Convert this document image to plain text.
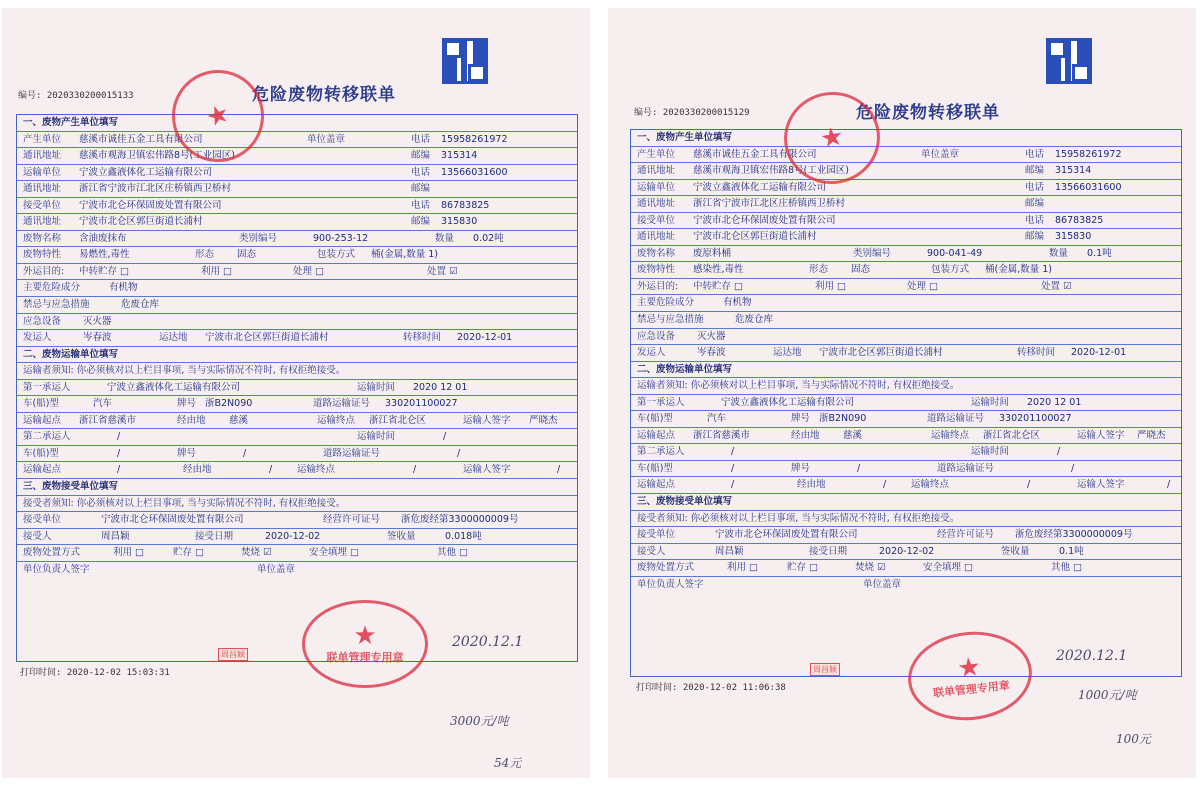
编号: 2020330200015133	危险废物转移联单
一、废物产生单位填写
产生单位 慈溪市诚佳五金工具有限公司	单位盖章	电话 15958261972
通讯地址 慈溪市观海卫镇宏伟路8号(工业园区)	邮编 315314
运输单位 宁波立鑫液体化工运输有限公司	电话 13566031600
通讯地址 浙江省宁波市江北区庄桥镇西卫桥村	邮编
接受单位 宁波市北仑环保固废处置有限公司	电话 86783825
通讯地址 宁波市北仑区郭巨街道长浦村	邮编 315830
废物名称 含油废抹布	类别编号	900-253-12	数量 0.02吨
废物特性 易燃性,毒性	形态 固态	包装方式 桶(金属,数量 1)
外运目的: 中转贮存 □	利用 □	处理 □	处置 ☑
主要危险成分	有机物
禁忌与应急措施	危废仓库
应急设备 灭火器
发运人	岑春波	运达地 宁波市北仑区郭巨街道长浦村	转移时间 2020-12-01
二、废物运输单位填写
运输者须知: 你必须核对以上栏目事项, 当与实际情况不符时, 有权拒绝接受。
第一承运人	宁波立鑫液体化工运输有限公司	运输时间 2020 12 01
车(船)型	汽车	牌号 浙B2N090	道路运输证号 330201100027
运输起点 浙江省慈溪市	经由地 慈溪	运输终点 浙江省北仑区	运输人签字 严晓杰
第二承运人	/	运输时间	/
车(船)型	/	牌号	/	道路运输证号	/
运输起点	/	经由地	/	运输终点	/	运输人签字	/
三、废物接受单位填写
接受者须知: 你必须核对以上栏目事项, 当与实际情况不符时, 有权拒绝接受。
接受单位	宁波市北仑环保固废处置有限公司	经营许可证号 浙危废经第3300000009号
接受人	周昌颖	接受日期	2020-12-02	签收量	0.018吨
废物处置方式	利用 □	贮存 □	焚烧 ☑	安全填埋 □	其他 □
单位负责人签字	单位盖章
打印时间: 2020-12-02 15:03:31
★
★
联单管理专用章
周昌颖
2020.12.1
3000元/吨
54元
编号: 2020330200015129	危险废物转移联单
一、废物产生单位填写
产生单位 慈溪市诚佳五金工具有限公司	单位盖章	电话 15958261972
通讯地址 慈溪市观海卫镇宏伟路8号(工业园区)	邮编 315314
运输单位 宁波立鑫液体化工运输有限公司	电话 13566031600
通讯地址 浙江省宁波市江北区庄桥镇西卫桥村	邮编
接受单位 宁波市北仑环保固废处置有限公司	电话 86783825
通讯地址 宁波市北仑区郭巨街道长浦村	邮编 315830
废物名称 废原料桶	类别编号	900-041-49	数量 0.1吨
废物特性 感染性,毒性	形态 固态	包装方式 桶(金属,数量 1)
外运目的: 中转贮存 □	利用 □	处理 □	处置 ☑
主要危险成分	有机物
禁忌与应急措施	危废仓库
应急设备 灭火器
发运人	岑春波	运达地 宁波市北仑区郭巨街道长浦村	转移时间 2020-12-01
二、废物运输单位填写
运输者须知: 你必须核对以上栏目事项, 当与实际情况不符时, 有权拒绝接受。
第一承运人	宁波立鑫液体化工运输有限公司	运输时间 2020 12 01
车(船)型	汽车	牌号 浙B2N090	道路运输证号 330201100027
运输起点 浙江省慈溪市	经由地 慈溪	运输终点 浙江省北仑区	运输人签字 严晓杰
第二承运人	/	运输时间	/
车(船)型	/	牌号	/	道路运输证号	/
运输起点	/	经由地	/	运输终点	/	运输人签字	/
三、废物接受单位填写
接受者须知: 你必须核对以上栏目事项, 当与实际情况不符时, 有权拒绝接受。
接受单位	宁波市北仑环保固废处置有限公司	经营许可证号 浙危废经第3300000009号
接受人	周昌颖	接受日期	2020-12-02	签收量	0.1吨
废物处置方式	利用 □	贮存 □	焚烧 ☑	安全填埋 □	其他 □
单位负责人签字	单位盖章
打印时间: 2020-12-02 11:06:38
★
★
联单管理专用章
周昌颖
2020.12.1
1000元/吨
100元
